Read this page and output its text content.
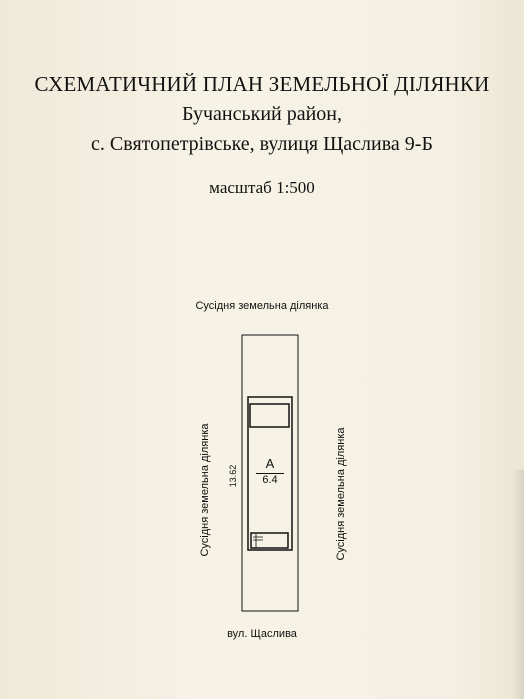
СХЕМАТИЧНИЙ ПЛАН ЗЕМЕЛЬНОЇ ДІЛЯНКИ
Бучанський район,
с. Святопетрівське, вулиця Щаслива 9-Б
масштаб 1:500
Сусідня земельна ділянка
Сусідня земельна ділянка	Сусідня земельна ділянка
вул. Щаслива
13.62
А
6.4
